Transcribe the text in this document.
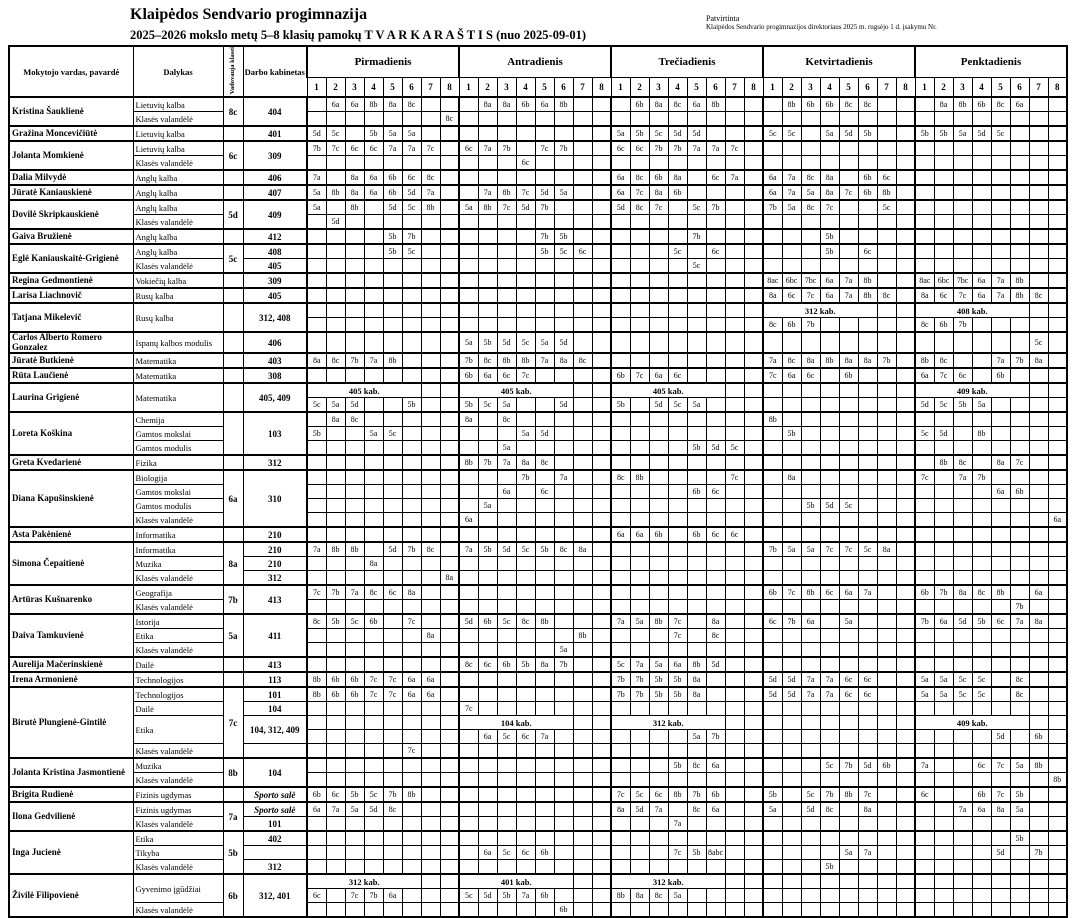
Klaipėdos Sendvario progimnazija

2025–2026 mokslo metų 5–8 klasių pamokų T V A R K A R A Š T I S (nuo 2025-09-01)

Patvirtinta
Klaipėdos Sendvario progimnazijos direktoriaus 2025 m. rugsėjo 1 d. įsakymu Nr.
Mokytojo vardas, pavardė	Dalykas	Vadovauja klasei	Darbo kabinetas	Pirmadienis								Antradienis								Trečiadienis								Ketvirtadienis								Penktadienis							
				1	2	3	4	5	6	7	8	1	2	3	4	5	6	7	8	1	2	3	4	5	6	7	8	1	2	3	4	5	6	7	8	1	2	3	4	5	6	7	8
Kristina Šauklienė	Lietuvių kalba	8c	404		6a	6a	8b	8a	8c				8a	8a	6b	6a	8b				6b	8a	8c	6a	8b				8b	6b	6b	8c	8c				8a	8b	6b	8c	6a		
	Klasės valandėlė										8c																																
Gražina Moncevičiūtė	Lietuvių kalba		401	5d	5c		5b	5a	5a											5a	5b	5c	5d	5d				5c	5c		5a	5d	5b			5b	5b	5a	5d	5c			
Jolanta Momkienė	Lietuvių kalba	6c	309	7b	7c	6c	6c	7a	7a	7c		6c	7a	7b		7c	7b			6c	6c	7b	7b	7a	7a	7c																	
	Klasės valandėlė														6c																												
Dalia Milvydė	Anglų kalba		406	7a		8a	6a	6b	6c	8c										6a	8c	6b	8a		6c	7a		6a	7a	8c	8a		6b	6c									
Jūratė Kaniauskienė	Anglų kalba		407	5a	8b	8a	6a	6b	5d	7a			7a	8b	7c	5d	5a			6a	7c	8a	6b					6a	7a	5a	8a	7c	6b	8b									
Dovilė Skripkauskienė	Anglų kalba	5d	409	5a		8b		5d	5c	8b		5a	8b	7c	5d	7b				5d	8c	7c		5c	7b			7b	5a	8c	7c			5c									
	Klasės valandėlė				5d																																						
Gaiva Bružienė	Anglų kalba		412					5b	7b							7b	5b							7b							5b												
Eglė Kaniauskaitė-Grigienė	Anglų kalba	5c	408					5b	5c							5b	5c	6c					5c		6c						5b		6c										
	Klasės valandėlė		405																					5c																			
Regina Gedmontienė	Vokiečių kalba		309																									8ac	6bc	7bc	6a	7a	8b			8ac	6bc	7bc	6a	7a	8b		
Larisa Liachnovič	Rusų kalba		405																									8a	6c	7c	6a	7a	8b	8c		8a	6c	7c	6a	7a	8b	8c	
Tatjana Mikelevič	Rusų kalba		312, 408																									312 kab.								408 kab.							
																												8c	6b	7b						8c	6b	7b					
Carlos Alberto Romero Gonzalez	Ispanų kalbos modulis		406									5a	5b	5d	5c	5a	5d																									5c	
Jūratė Butkienė	Matematika		403	8a	8c	7b	7a	8b				7b	8c	8b	8b	7a	8a	8c										7a	8c	8a	8b	8a	8a	7b		8b	8c			7a	7b	8a	
Rūta Laučienė	Matematika		308									6b	6a	6c	7c					6b	7c	6a	6c					7c	6a	6c		6b				6a	7c	6c		6b			
Laurina Grigienė	Matematika		405, 409	405 kab.								405 kab.								405 kab.																409 kab.							
				5c	5a	5d			5b			5b	5c	5a			5d			5b		5d	5c	5a												5d	5c	5b	5a				
Loreta Koškina	Chemija		103		8a	8c						8a		8c														8b															
	Gamtos mokslai			5b			5a	5c							5a	5d													5b							5c	5d		8b				
	Gamtos modulis													5a										5b	5d	5c																	
Greta Kvedarienė	Fizika		312									8b	7b	7a	8a	8c																					8b	8c		8a	7c		
Diana Kapušinskienė	Biologija	6a	310												7b		7a			8c	8b					7c			8a							7c		7a	7b				
	Gamtos mokslai													6a		6c								6b	6c															6a	6b		
	Gamtos modulis												5a																	5b	5d	5c											
	Klasės valandėlė											6a																															6a
Asta Pakėnienė	Informatika		210																	6a	6a	6b		6b	6c	6c																	
Simona Čepaitienė	Informatika	8a	210	7a	8b	8b		5d	7b	8c		7a	5b	5d	5c	5b	8c	8a										7b	5a	5a	7c	7c	5c	8a									
	Muzika		210				8a																																				
	Klasės valandėlė		312								8a																																
Artūras Kušnarenko	Geografija	7b	413	7c	7b	7a	8c	6c	8a																			6b	7c	8b	6c	6a	7a			6b	7b	8a	8c	8b		6a	
	Klasės valandėlė																																								7b		
Daiva Tamkuvienė	Istorija	5a	411	8c	5b	5c	6b		7c			5d	6b	5c	8c	8b				7a	5a	8b	7c		8a			6c	7b	6a		5a				7b	6a	5d	5b	6c	7a	8a	
	Etika									8a								8b					7c		8c																		
	Klasės valandėlė																5a																										
Aurelija Mačerinskienė	Dailė		413									8c	6c	6b	5b	8a	7b			5c	7a	5a	6a	8b	5d																		
Irena Armonienė	Technologijos		113	8b	6b	6b	7c	7c	6a	6a										7b	7b	5b	5b	8a				5d	5d	7a	7a	6c	6c			5a	5a	5c	5c		8c		
Birutė Plungienė-Gintilė	Technologijos	7c	101	8b	6b	6b	7c	7c	6a	6a										7b	7b	5b	5b	8a				5d	5d	7a	7a	6c	6c			5a	5a	5c	5c		8c		
	Dailė		104									7c																															
	Etika		104, 312, 409									104 kab.								312 kab.																409 kab.							
													6a	5c	6c	7a								5a	7b															5d		6b	
	Klasės valandėlė								7c																																		
Jolanta Kristina Jasmontienė	Muzika	8b	104																				5b	8c	6a						5c	7b	5d	6b		7a			6c	7c	5a	8b	
	Klasės valandėlė																																										8b
Brigita Rudienė	Fizinis ugdymas		Sporto salė	6b	6c	5b	5c	7b	8b											7c	5c	6c	8b	7b	6b			5b		5c	7b	8b	7c			6c			6b	7c	5b		
Ilona Gedvilienė	Fizinis ugdymas	7a	Sporto salė	6a	7a	5a	5d	8c												8a	5d	7a		8c	6a			5a		5d	8c		8a					7a	6a	8a	5a		
	Klasės valandėlė		101																				7a																				
Inga Jucienė	Etika	5b	402																																						5b		
	Tikyba												6a	5c	6c	6b							7c	5b	8abc							5a	7a							5d		7b	
	Klasės valandėlė		312																												5b												
Živilė Filipovienė	Gyvenimo įgūdžiai	6b	312, 401	312 kab.								401 kab.								312 kab.																							
				6c		7c	7b	6a				5c	5d	5b	7a	6b				8b	8a	8c	5a																				
	Klasės valandėlė																6b																										
